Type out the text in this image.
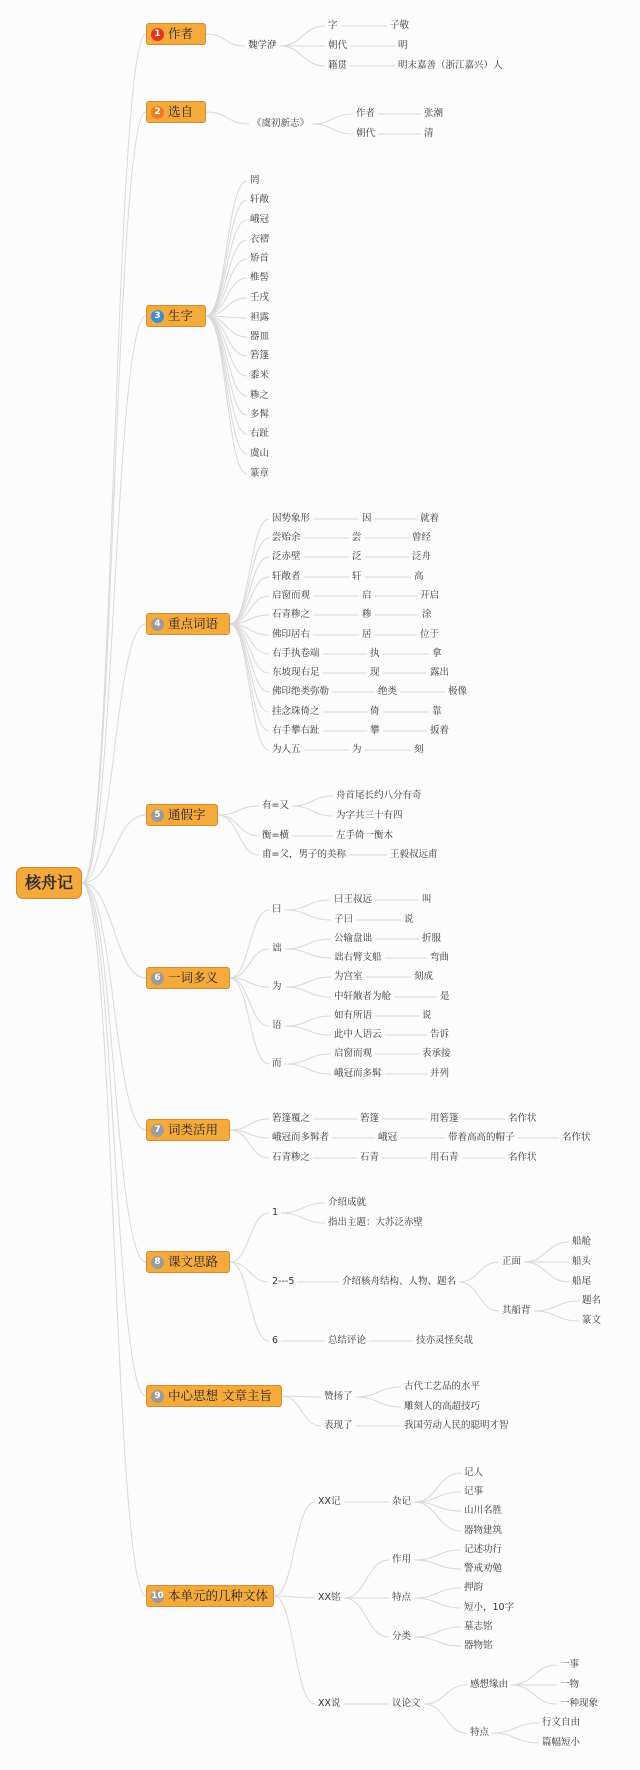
核舟记
1 作者
魏学洢
字	子敬
朝代	明
籍贯	明末嘉善（浙江嘉兴）人
2 选自
《虞初新志》
作者	张潮
朝代	清
3 生字
罔
轩敞
峨冠
衣褶
矫首
椎髻
壬戌
袒露
器皿
箬篷
黍米
糁之
多髯
右趾
虞山
篆章
4 重点词语
因势象形	因	就着
尝贻余	尝	曾经
泛赤壁	泛	泛舟
轩敞者	轩	高
启窗而观	启	开启
石青糁之	糁	涂
佛印居右	居	位于
右手执卷端	执	拿
东坡现右足	现	露出
佛印绝类弥勒	绝类	极像
挂念珠倚之	倚	靠
右手攀右趾	攀	扳着
为人五	为	刻
5 通假字
有=又
舟首尾长约八分有奇
为字共三十有四
衡=横	左手倚一衡木
甫=父，男子的美称	王毅叔远甫
6 一词多义
曰
曰王叔远	叫
子曰	说
诎
公输盘诎	折服
诎右臂支船	弯曲
为
为宫室	刻成
中轩敞者为舱	是
语
如有所语	说
此中人语云	告诉
而
启窗而观	表承接
峨冠而多髯	并列
7 词类活用
箬篷覆之	箬篷	用箬篷	名作状
峨冠而多髯者	峨冠	带着高高的帽子	名作状
石青糁之	石青	用石青	名作状
8 课文思路
1
介绍成就
指出主题：大苏泛赤壁
2---5	介绍核舟结构、人物、题名
正面
船舱
船头
船尾
其船背
题名
篆文
6	总结评论	技亦灵怪矣哉
9 中心思想 文章主旨	赞扬了
古代工艺品的水平
雕刻人的高超技巧
表现了	我国劳动人民的聪明才智
10 本单元的几种文体
XX记	杂记
记人
记事
山川名胜
器物建筑
XX铭
作用
记述功行
警戒劝勉
特点
押韵
短小，10字
分类
墓志铭
器物铭
XX说	议论文
感想缘由
一事
一物
一种现象
特点
行文自由
篇幅短小
